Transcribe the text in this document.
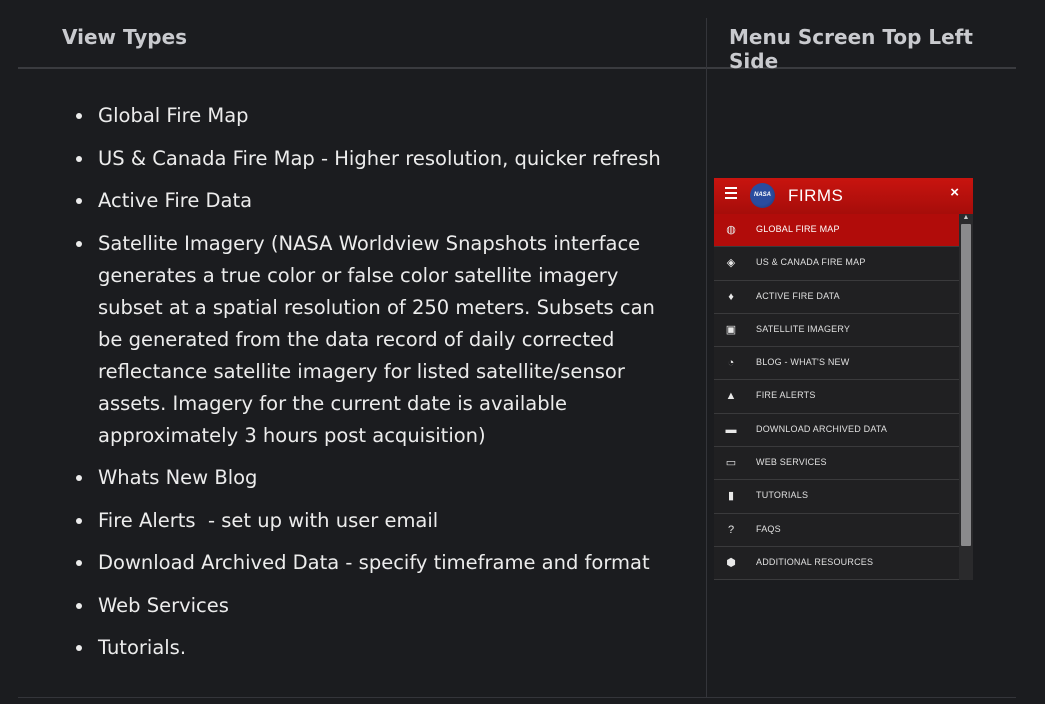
View Types	Menu Screen Top Left Side
Global Fire Map
US & Canada Fire Map - Higher resolution, quicker refresh
Active Fire Data
Satellite Imagery (NASA Worldview Snapshots interface generates a true color or false color satellite imagery subset at a spatial resolution of 250 meters. Subsets can be generated from the data record of daily corrected reflectance satellite imagery for listed satellite/sensor assets. Imagery for the current date is available approximately 3 hours post acquisition)
Whats New Blog
Fire Alerts  - set up with user email
Download Archived Data - specify timeframe and format
Web Services
Tutorials.
NASA FIRMS	×
◍ GLOBAL FIRE MAP
◈	US & CANADA FIRE MAP
♦	ACTIVE FIRE DATA
▣ SATELLITE IMAGERY
◔	BLOG - WHAT'S NEW
▲ FIRE ALERTS
▬ DOWNLOAD ARCHIVED DATA
▭ WEB SERVICES
▮	TUTORIALS
?	FAQS
⬢ ADDITIONAL RESOURCES
▲
